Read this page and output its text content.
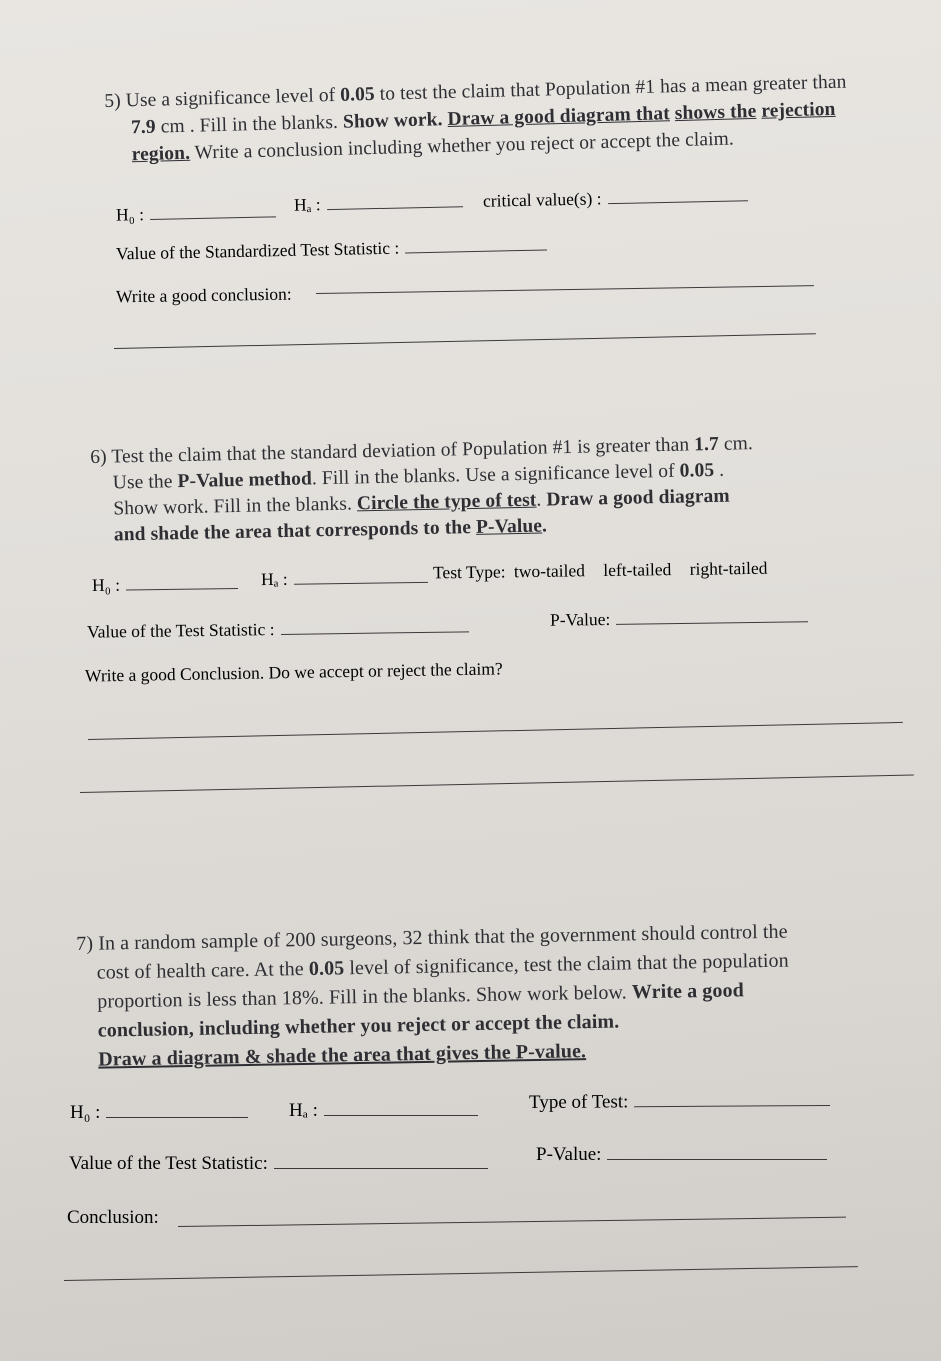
5) Use a significance level of 0.05 to test the claim that Population #1 has a mean greater than 7.9 cm . Fill in the blanks. Show work. Draw a good diagram that shows the rejection region. Write a conclusion including whether you reject or accept the claim.
H₀ :	Hₐ :	critical value(s) :
Value of the Standardized Test Statistic :
Write a good conclusion:
6) Test the claim that the standard deviation of Population #1 is greater than 1.7 cm.
Use the P-Value method. Fill in the blanks. Use a significance level of 0.05 .
Show work. Fill in the blanks. Circle the type of test. Draw a good diagram
and shade the area that corresponds to the P-Value.
H₀ :	Hₐ :	Test Type: two-tailed left-tailed right-tailed
Value of the Test Statistic :	P-Value:
Write a good Conclusion. Do we accept or reject the claim?
7) In a random sample of 200 surgeons, 32 think that the government should control the
cost of health care. At the 0.05 level of significance, test the claim that the population
proportion is less than 18%. Fill in the blanks. Show work below. Write a good
conclusion, including whether you reject or accept the claim.
Draw a diagram & shade the area that gives the P-value.
H₀ :	Hₐ :	Type of Test:
Value of the Test Statistic:	P-Value:
Conclusion:
